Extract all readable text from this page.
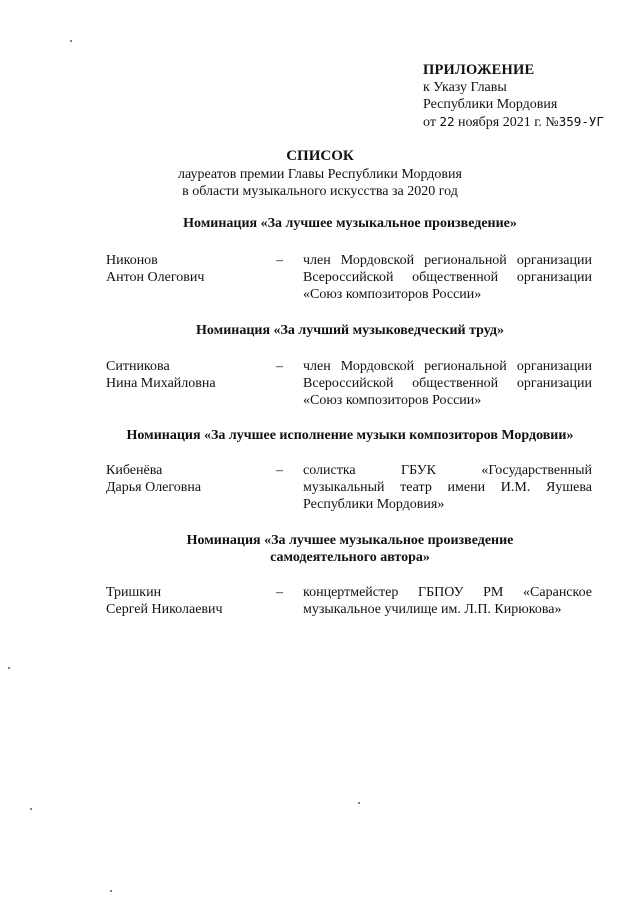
ПРИЛОЖЕНИЕ
к Указу Главы
Республики Мордовия
от 22 ноября 2021 г. №359-УГ
СПИСОК
лауреатов премии Главы Республики Мордовия
в области музыкального искусства за 2020 год
Номинация «За лучшее музыкальное произведение»
Никонов
Антон Олегович
– член Мордовской региональной организации
Всероссийской общественной организации
«Союз композиторов России»
Номинация «За лучший музыковедческий труд»
Ситникова
Нина Михайловна
– член Мордовской региональной организации
Всероссийской общественной организации
«Союз композиторов России»
Номинация «За лучшее исполнение музыки композиторов Мордовии»
Кибенёва
Дарья Олеговна
– солистка ГБУК «Государственный
музыкальный театр имени И.М. Яушева
Республики Мордовия»
Номинация «За лучшее музыкальное произведение
самодеятельного автора»
Тришкин
Сергей Николаевич
– концертмейстер ГБПОУ РМ «Саранское
музыкальное училище им. Л.П. Кирюкова»
